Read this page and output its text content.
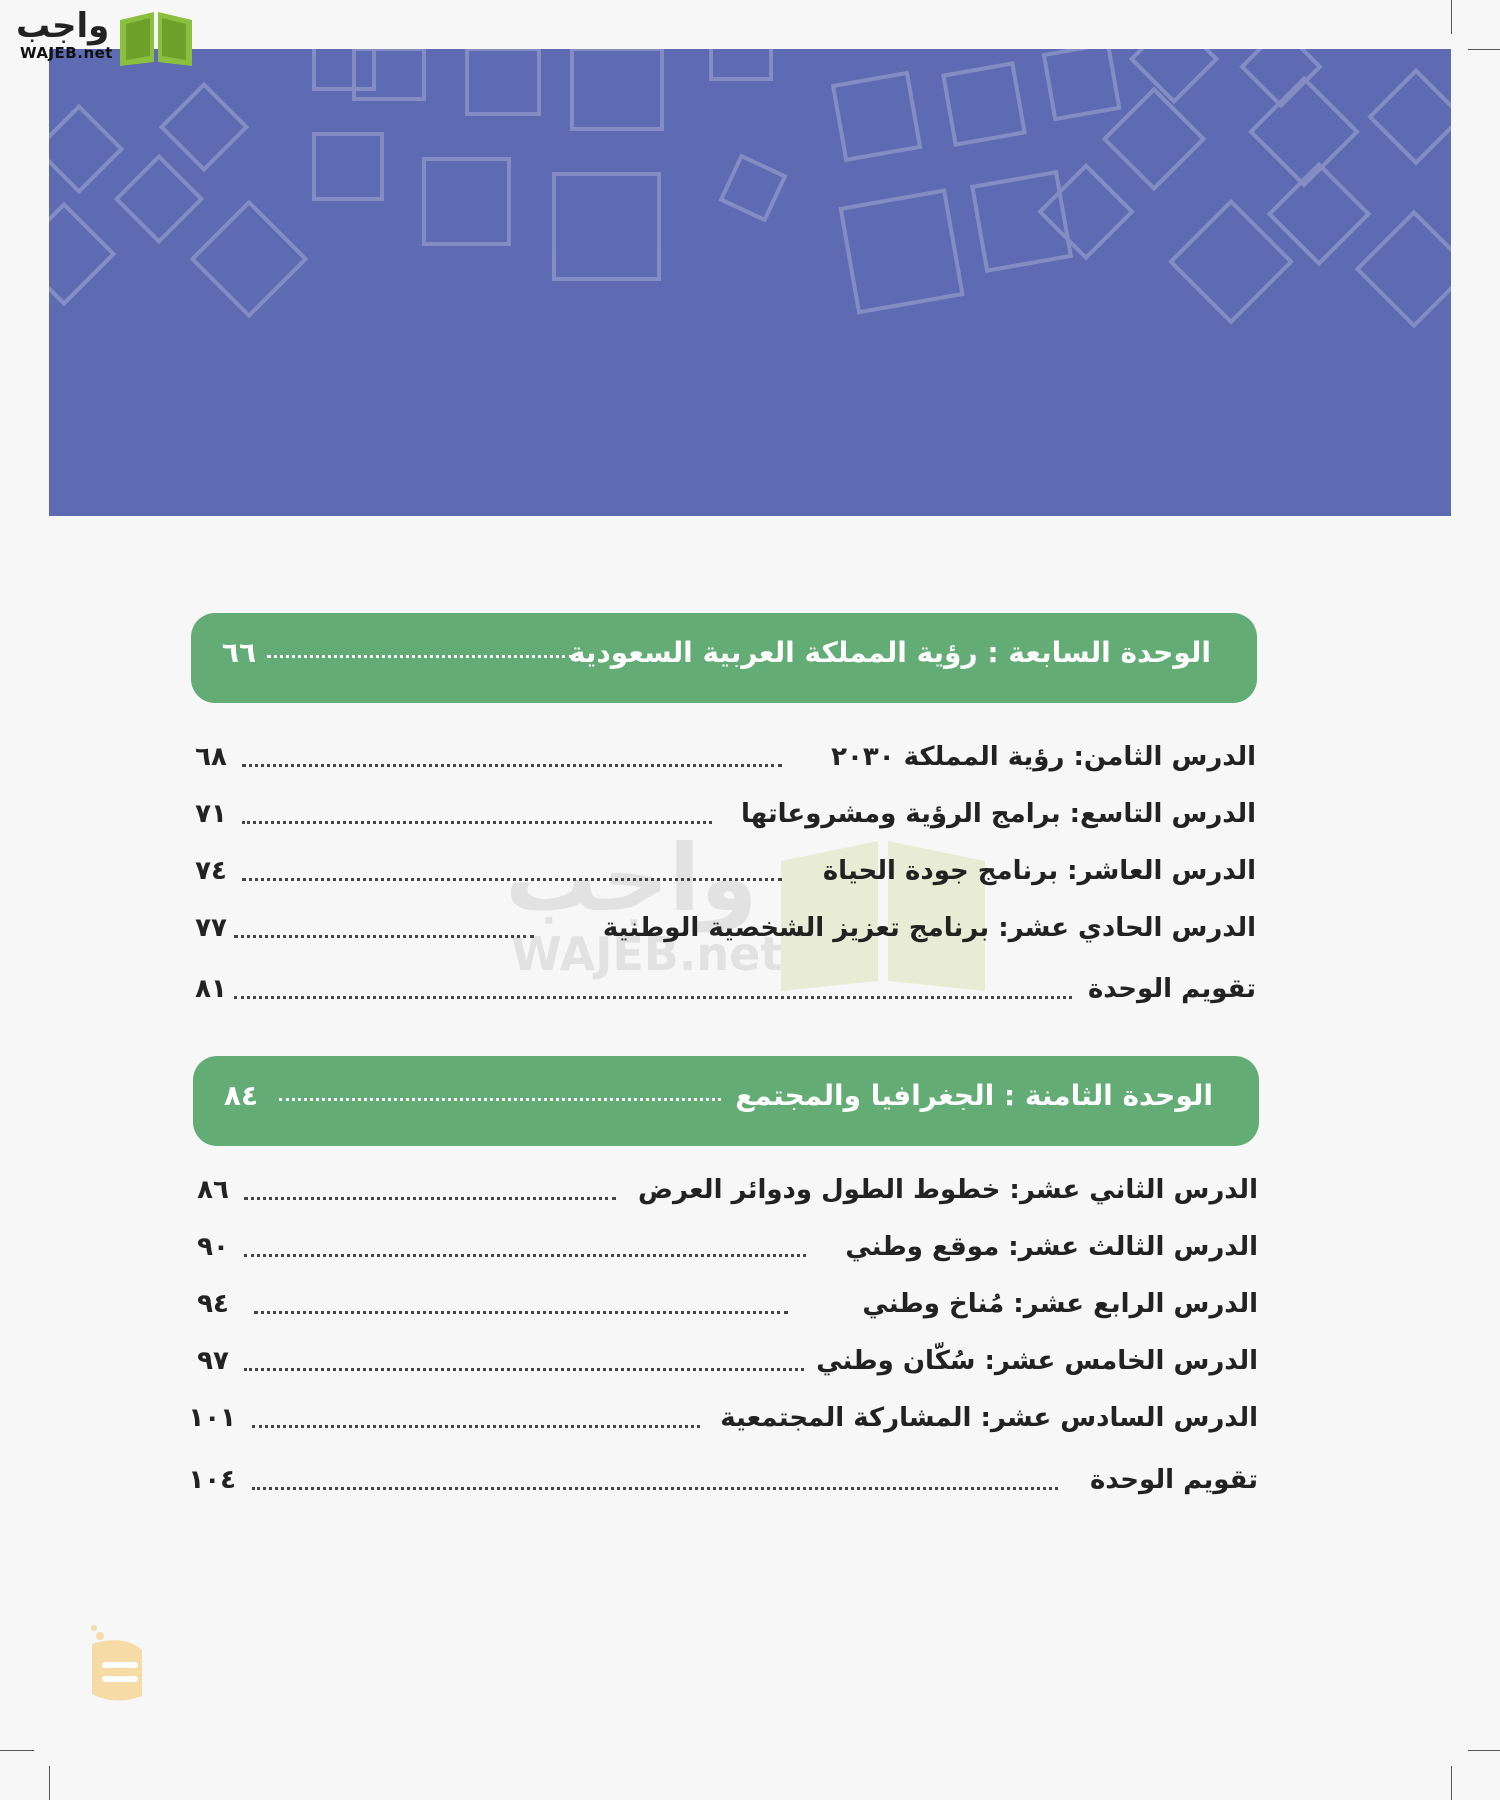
واجب
WAJEB.net
واجب
WAJEB.net
الوحدة السابعة : رؤية المملكة العربية السعودية
٦٦
الدرس الثامن: رؤية المملكة ٢٠٣٠
٦٨
الدرس التاسع: برامج الرؤية ومشروعاتها
٧١
الدرس العاشر: برنامج جودة الحياة
٧٤
الدرس الحادي عشر: برنامج تعزيز الشخصية الوطنية
٧٧
تقويم الوحدة
٨١
الوحدة الثامنة : الجغرافيا والمجتمع
٨٤
الدرس الثاني عشر: خطوط الطول ودوائر العرض
٨٦
الدرس الثالث عشر: موقع وطني
٩٠
الدرس الرابع عشر: مُناخ وطني
٩٤
الدرس الخامس عشر: سُكّان وطني
٩٧
الدرس السادس عشر: المشاركة المجتمعية
١٠١
تقويم الوحدة
١٠٤
